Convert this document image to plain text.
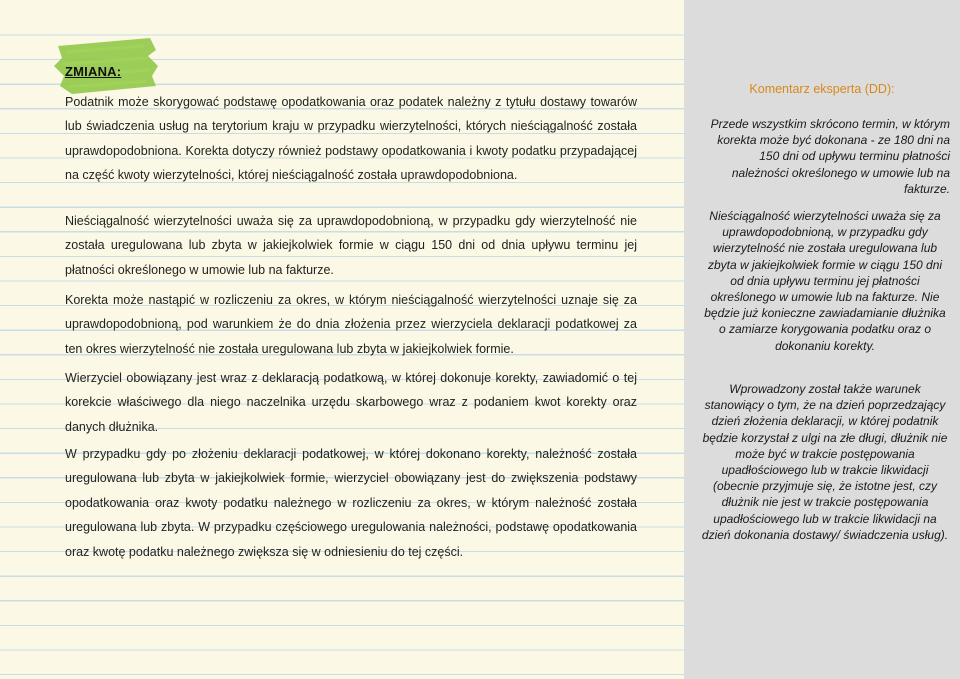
ZMIANA:

Podatnik może skorygować podstawę opodatkowania oraz podatek należny z tytułu dostawy towarów lub świadczenia usług na terytorium kraju w przypadku wierzytelności, których nieściągalność została uprawdopodobniona. Korekta dotyczy również podstawy opodatkowania i kwoty podatku przypadającej na część kwoty wierzytelności, której nieściągalność została uprawdopodobniona.

Nieściągalność wierzytelności uważa się za uprawdopodobnioną, w przypadku gdy wierzytelność nie została uregulowana lub zbyta w jakiejkolwiek formie w ciągu 150 dni od dnia upływu terminu jej płatności określonego w umowie lub na fakturze.

Korekta może nastąpić w rozliczeniu za okres, w którym nieściągalność wierzytelności uznaje się za uprawdopodobnioną, pod warunkiem że do dnia złożenia przez wierzyciela deklaracji podatkowej za ten okres wierzytelność nie została uregulowana lub zbyta w jakiejkolwiek formie.

Wierzyciel obowiązany jest wraz z deklaracją podatkową, w której dokonuje korekty, zawiadomić o tej korekcie właściwego dla niego naczelnika urzędu skarbowego wraz z podaniem kwot korekty oraz danych dłużnika.

W przypadku gdy po złożeniu deklaracji podatkowej, w której dokonano korekty, należność została uregulowana lub zbyta w jakiejkolwiek formie, wierzyciel obowiązany jest do zwiększenia podstawy opodatkowania oraz kwoty podatku należnego w rozliczeniu za okres, w którym należność została uregulowana lub zbyta. W przypadku częściowego uregulowania należności, podstawę opodatkowania oraz kwotę podatku należnego zwiększa się w odniesieniu do tej części.

Komentarz eksperta (DD):

Przede wszystkim skrócono termin, w którym korekta może być dokonana - ze 180 dni na 150 dni od upływu terminu płatności należności określonego w umowie lub na fakturze.

Nieściągalność wierzytelności uważa się za uprawdopodobnioną, w przypadku gdy wierzytelność nie została uregulowana lub zbyta w jakiejkolwiek formie w ciągu 150 dni od dnia upływu terminu jej płatności określonego w umowie lub na fakturze. Nie będzie już konieczne zawiadamianie dłużnika o zamiarze korygowania podatku oraz o dokonaniu korekty.

Wprowadzony został także warunek stanowiący o tym, że na dzień poprzedzający dzień złożenia deklaracji, w której podatnik będzie korzystał z ulgi na złe długi, dłużnik nie może być w trakcie postępowania upadłościowego lub w trakcie likwidacji (obecnie przyjmuje się, że istotne jest, czy dłużnik nie jest w trakcie postępowania upadłościowego lub w trakcie likwidacji na dzień dokonania dostawy/ świadczenia usług).
